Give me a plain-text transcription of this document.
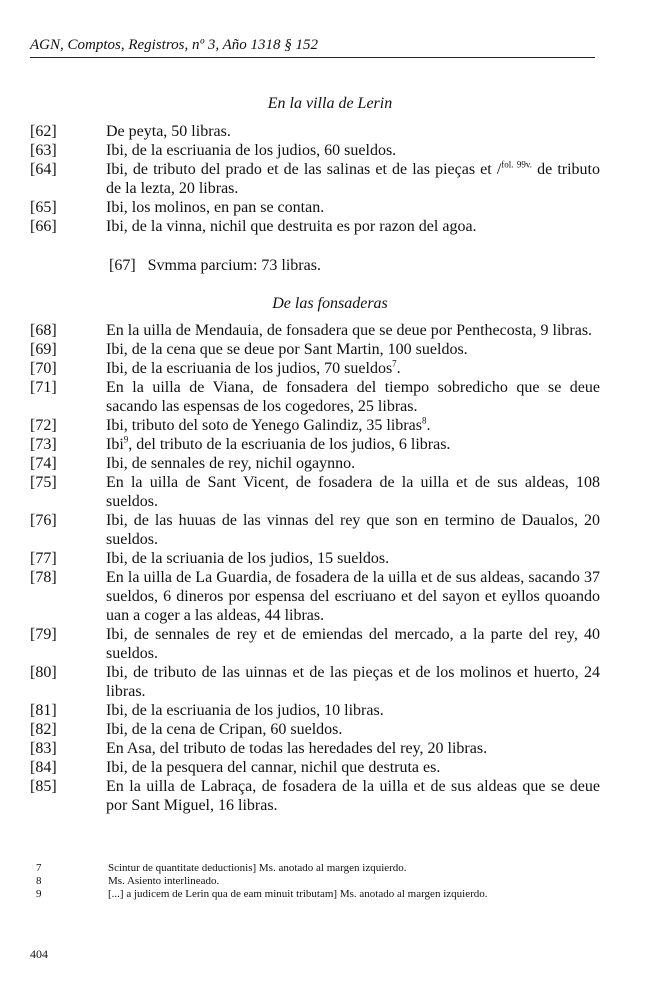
AGN, Comptos, Registros, nº 3, Año 1318 § 152
En la villa de Lerin
[62]	De peyta, 50 libras.
[63]	Ibi, de la escriuania de los judios, 60 sueldos.
[64]	Ibi, de tributo del prado et de las salinas et de las pieças et /$^{fol. 99v.}$ de tributo de la lezta, 20 libras.
[65]	Ibi, los molinos, en pan se contan.
[66]	Ibi, de la vinna, nichil que destruita es por razon del agoa.
[67]   Svmma parcium: 73 libras.
De las fonsaderas
[68]	En la uilla de Mendauia, de fonsadera que se deue por Penthecosta, 9 libras.
[69]	Ibi, de la cena que se deue por Sant Martin, 100 sueldos.
[70]	Ibi, de la escriuania de los judios, 70 sueldos$^7$.
[71]	En la uilla de Viana, de fonsadera del tiempo sobredicho que se deue sacando las espensas de los cogedores, 25 libras.
[72]	Ibi, tributo del soto de Yenego Galindiz, 35 libras$^8$.
[73]	Ibi$^9$, del tributo de la escriuania de los judios, 6 libras.
[74]	Ibi, de sennales de rey, nichil ogaynno.
[75]	En la uilla de Sant Vicent, de fosadera de la uilla et de sus aldeas, 108 sueldos.
[76]	Ibi, de las huuas de las vinnas del rey que son en termino de Daualos, 20 sueldos.
[77]	Ibi, de la scriuania de los judios, 15 sueldos.
[78]	En la uilla de La Guardia, de fosadera de la uilla et de sus aldeas, sacando 37 sueldos, 6 dineros por espensa del escriuano et del sayon et eyllos quoando uan a coger a las aldeas, 44 libras.
[79]	Ibi, de sennales de rey et de emiendas del mercado, a la parte del rey, 40 sueldos.
[80]	Ibi, de tributo de las uinnas et de las pieças et de los molinos et huerto, 24 libras.
[81]	Ibi, de la escriuania de los judios, 10 libras.
[82]	Ibi, de la cena de Cripan, 60 sueldos.
[83]	En Asa, del tributo de todas las heredades del rey, 20 libras.
[84]	Ibi, de la pesquera del cannar, nichil que destruta es.
[85]	En la uilla de Labraça, de fosadera de la uilla et de sus aldeas que se deue por Sant Miguel, 16 libras.
7	Scintur de quantitate deductionis] Ms. anotado al margen izquierdo.
8	Ms. Asiento interlineado.
9	[...] a judicem de Lerin qua de eam minuit tributam] Ms. anotado al margen izquierdo.
404
